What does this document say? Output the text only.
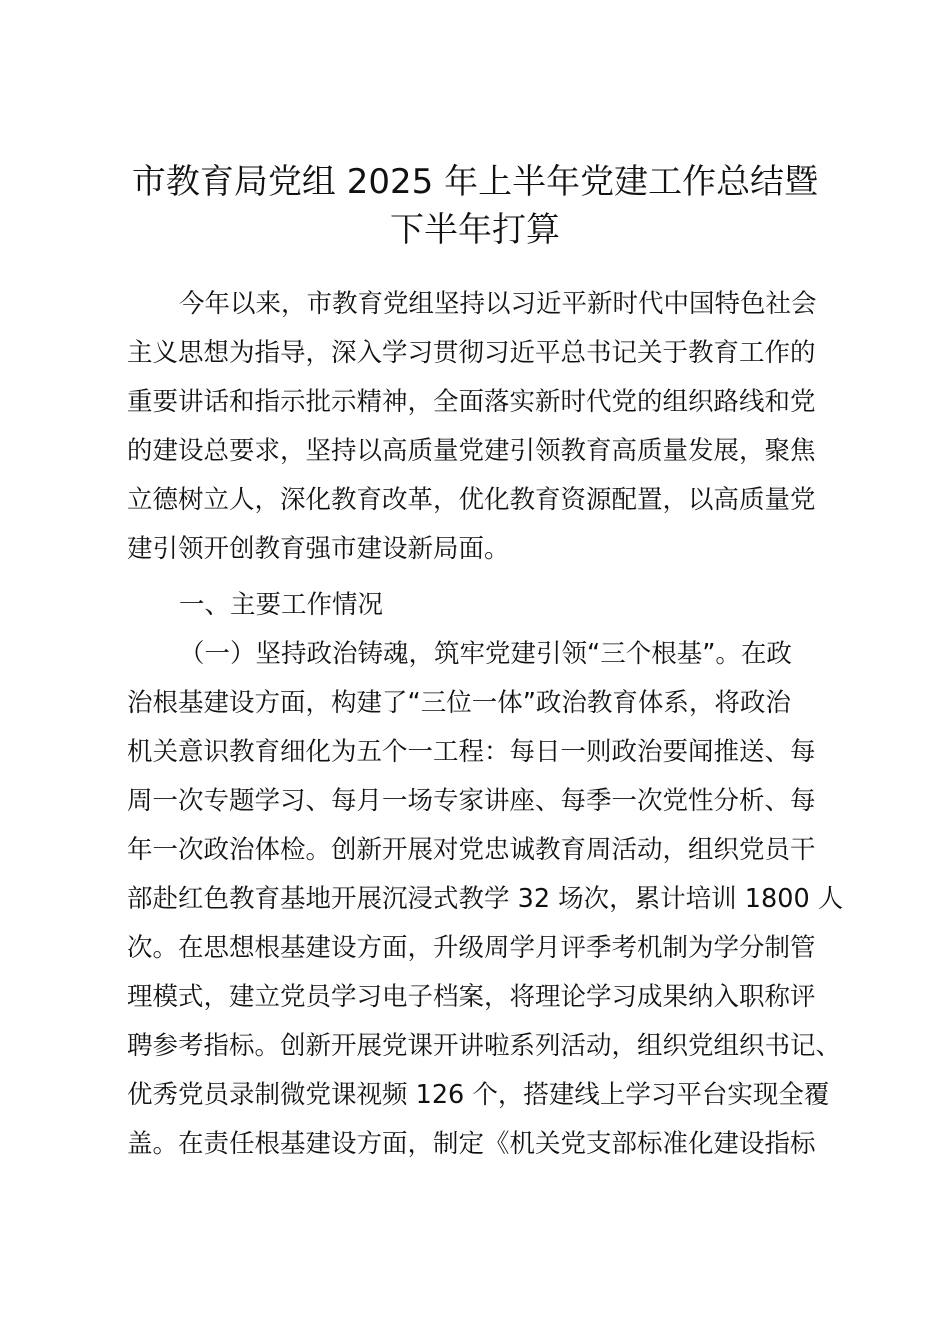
市教育局党组 2025 年上半年党建工作总结暨
下半年打算
今年以来，市教育党组坚持以习近平新时代中国特色社会
主义思想为指导，深入学习贯彻习近平总书记关于教育工作的
重要讲话和指示批示精神，全面落实新时代党的组织路线和党
的建设总要求，坚持以高质量党建引领教育高质量发展，聚焦
立德树立人，深化教育改革，优化教育资源配置，以高质量党
建引领开创教育强市建设新局面。
一、主要工作情况
（一）坚持政治铸魂，筑牢党建引领“三个根基”。在政
治根基建设方面，构建了“三位一体”政治教育体系，将政治
机关意识教育细化为五个一工程：每日一则政治要闻推送、每
周一次专题学习、每月一场专家讲座、每季一次党性分析、每
年一次政治体检。创新开展对党忠诚教育周活动，组织党员干
部赴红色教育基地开展沉浸式教学 32 场次，累计培训 1800 人
次。在思想根基建设方面，升级周学月评季考机制为学分制管
理模式，建立党员学习电子档案，将理论学习成果纳入职称评
聘参考指标。创新开展党课开讲啦系列活动，组织党组织书记、
优秀党员录制微党课视频 126 个，搭建线上学习平台实现全覆
盖。在责任根基建设方面，制定《机关党支部标准化建设指标
